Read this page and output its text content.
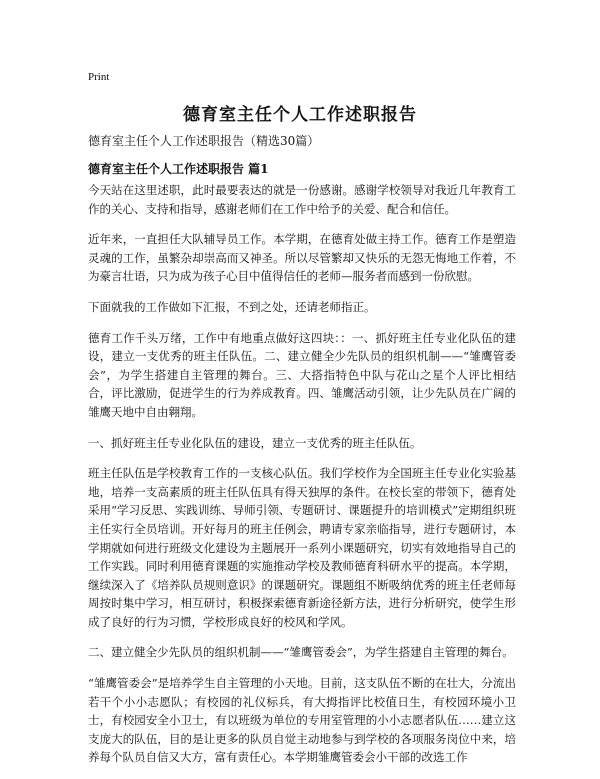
Print
德育室主任个人工作述职报告
德育室主任个人工作述职报告（精选30篇）
德育室主任个人工作述职报告 篇1

今天站在这里述职，此时最要表达的就是一份感谢。感谢学校领导对我近几年教育工作的关心、支持和指导，感谢老师们在工作中给予的关爱、配合和信任。

近年来，一直担任大队辅导员工作。本学期，在德育处做主持工作。德育工作是塑造灵魂的工作，虽繁杂却崇高而又神圣。所以尽管繁却又快乐的无怨无悔地工作着，不为豪言壮语，只为成为孩子心目中值得信任的老师—服务者而感到一份欣慰。

下面就我的工作做如下汇报，不到之处，还请老师指正。

德育工作千头万绪，工作中有地重点做好这四块：：一、抓好班主任专业化队伍的建设，建立一支优秀的班主任队伍。二、建立健全少先队员的组织机制——“雏鹰管委会”，为学生搭建自主管理的舞台。三、大搭指特色中队与花山之星个人评比相结合，评比激励，促进学生的行为养成教育。四、雏鹰活动引领，让少先队员在广阔的雏鹰天地中自由翱翔。

一、抓好班主任专业化队伍的建设，建立一支优秀的班主任队伍。

班主任队伍是学校教育工作的一支核心队伍。我们学校作为全国班主任专业化实验基地，培养一支高素质的班主任队伍具有得天独厚的条件。在校长室的带领下，德育处采用“学习反思、实践训练、导师引领、专题研讨、课题提升的培训模式”定期组织班主任实行全员培训。开好每月的班主任例会，聘请专家亲临指导，进行专题研讨，本学期就如何进行班级文化建设为主题展开一系列小课题研究，切实有效地指导自己的工作实践。同时利用德育课题的实施推动学校及教师德育科研水平的提高。本学期，继续深入了《培养队员规则意识》的课题研究。课题组不断吸纳优秀的班主任老师每周按时集中学习，相互研讨，积极探索德育新途径新方法，进行分析研究，使学生形成了良好的行为习惯，学校形成良好的校风和学风。

二、建立健全少先队员的组织机制——“雏鹰管委会”，为学生搭建自主管理的舞台。

“雏鹰管委会”是培养学生自主管理的小天地。目前，这支队伍不断的在壮大，分流出若干个小小志愿队；有校园的礼仪标兵，有大拇指评比校值日生，有校园环境小卫士，有校园安全小卫士，有以班级为单位的专用室管理的小小志愿者队伍……建立这支庞大的队伍，目的是让更多的队员自觉主动地参与到学校的各项服务岗位中来，培养每个队员自信又大方，富有责任心。本学期雏鹰管委会小干部的改选工作
